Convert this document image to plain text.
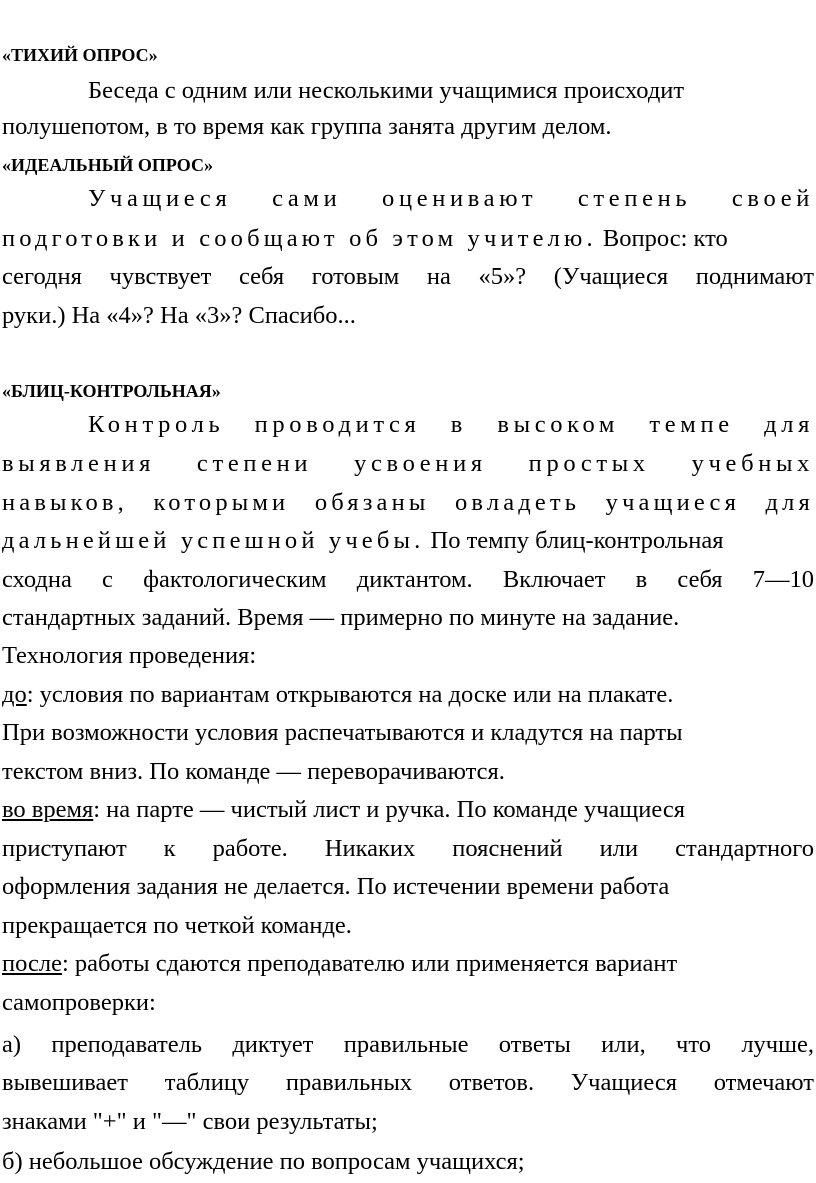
«ТИХИЙ ОПРОС»
Беседа с одним или несколькими учащимися происходит
полушепотом, в то время как группа занята другим делом.
«ИДЕАЛЬНЫЙ ОПРОС»
Учащиеся сами оценивают степень своей
подготовки и сообщают об этом учителю. Вопрос: кто
сегодня чувствует себя готовым на «5»? (Учащиеся поднимают
руки.) На «4»? На «3»? Спасибо...
«БЛИЦ-КОНТРОЛЬНАЯ»
Контроль проводится в высоком темпе для
выявления степени усвоения простых учебных
навыков, которыми обязаны овладеть учащиеся для
дальнейшей успешной учебы. По темпу блиц-контрольная
сходна с фактологическим диктантом. Включает в себя 7—10
стандартных заданий. Время — примерно по минуте на задание.
Технология проведения:
до: условия по вариантам открываются на доске или на плакате.
При возможности условия распечатываются и кладутся на парты
текстом вниз. По команде — переворачиваются.
во время: на парте — чистый лист и ручка. По команде учащиеся
приступают к работе. Никаких пояснений или стандартного
оформления задания не делается. По истечении времени работа
прекращается по четкой команде.
после: работы сдаются преподавателю или применяется вариант
самопроверки:
а) преподаватель диктует правильные ответы или, что лучше,
вывешивает таблицу правильных ответов. Учащиеся отмечают
знаками "+" и "—" свои результаты;
б) небольшое обсуждение по вопросам учащихся;
